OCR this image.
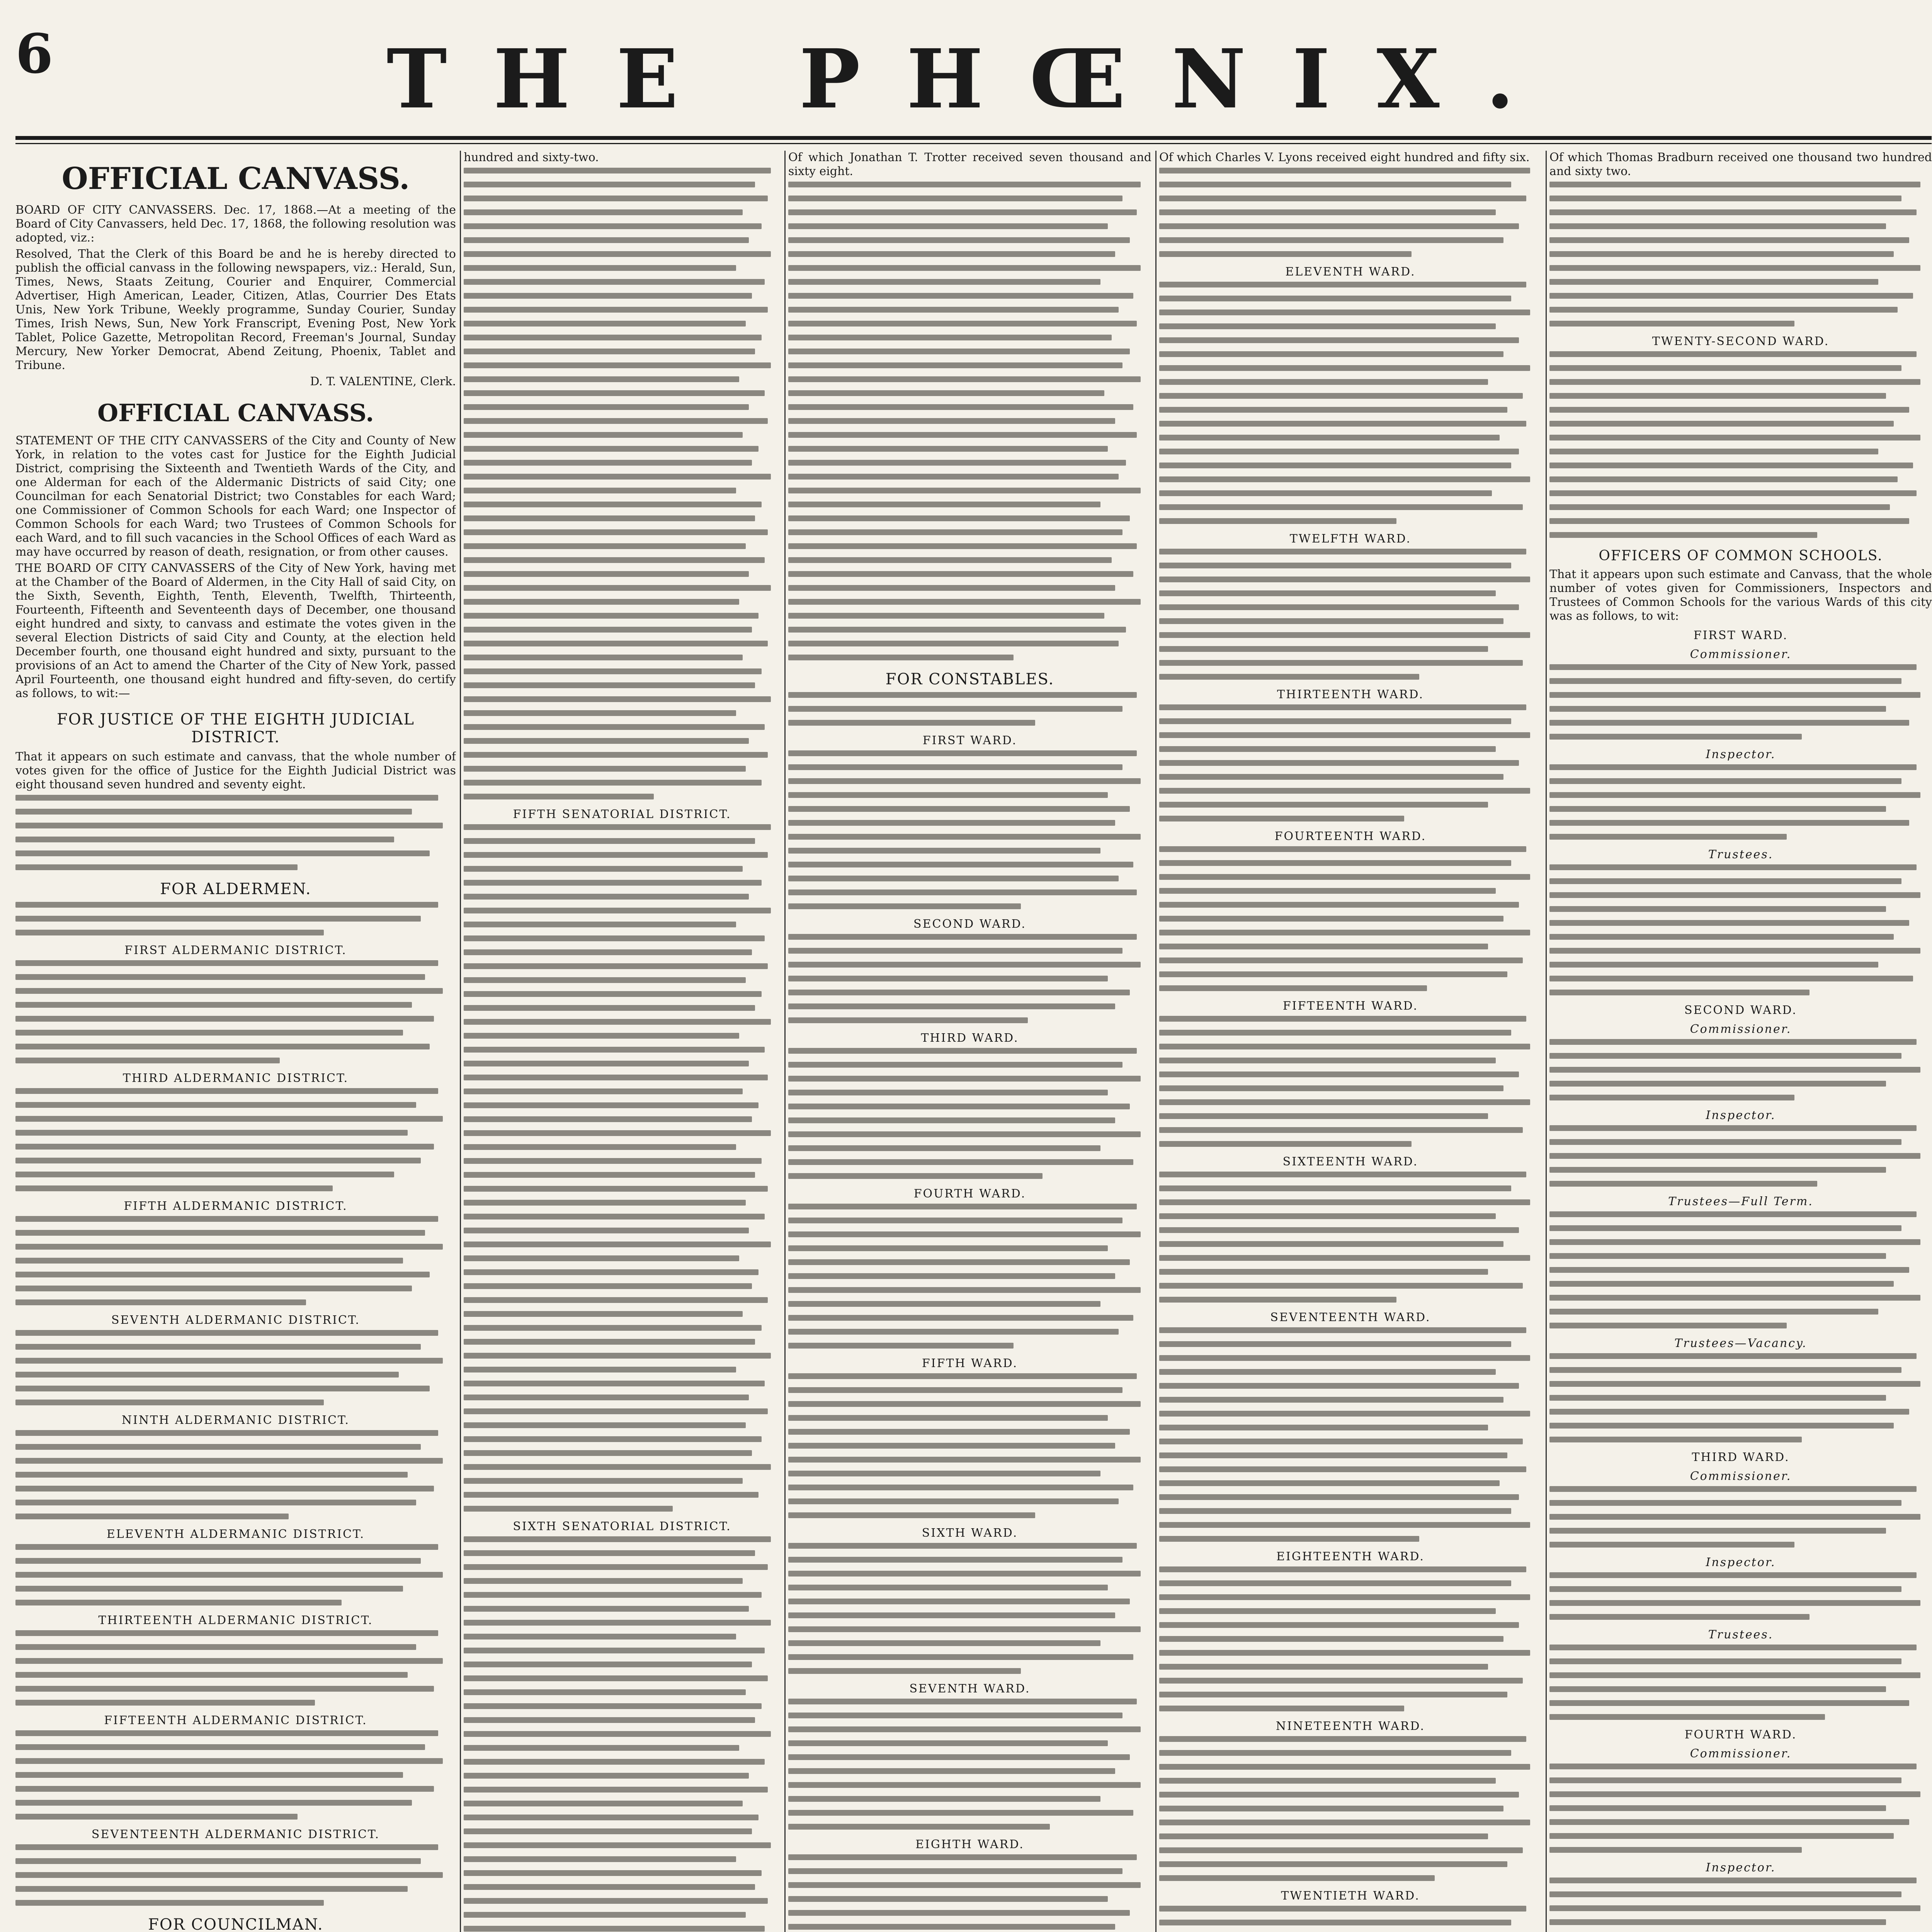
6	THE PHŒNIX.
OFFICIAL CANVASS.

BOARD OF CITY CANVASSERS. Dec. 17, 1868.—At a meeting of the Board of City Canvassers, held Dec. 17, 1868, the following resolution was adopted, viz.:

Resolved, That the Clerk of this Board be and he is hereby directed to publish the official canvass in the following newspapers, viz.: Herald, Sun, Times, News, Staats Zeitung, Courier and Enquirer, Commercial Advertiser, High American, Leader, Citizen, Atlas, Courrier Des Etats Unis, New York Tribune, Weekly programme, Sunday Courier, Sunday Times, Irish News, Sun, New York Franscript, Evening Post, New York Tablet, Police Gazette, Metropolitan Record, Freeman's Journal, Sunday Mercury, New Yorker Democrat, Abend Zeitung, Phoenix, Tablet and Tribune.

D. T. VALENTINE, Clerk.
OFFICIAL CANVASS.

STATEMENT OF THE CITY CANVASSERS of the City and County of New York, in relation to the votes cast for Justice for the Eighth Judicial District, comprising the Sixteenth and Twentieth Wards of the City, and one Alderman for each of the Aldermanic Districts of said City; one Councilman for each Senatorial District; two Constables for each Ward; one Commissioner of Common Schools for each Ward; one Inspector of Common Schools for each Ward; two Trustees of Common Schools for each Ward, and to fill such vacancies in the School Offices of each Ward as may have occurred by reason of death, resignation, or from other causes.

THE BOARD OF CITY CANVASSERS of the City of New York, having met at the Chamber of the Board of Aldermen, in the City Hall of said City, on the Sixth, Seventh, Eighth, Tenth, Eleventh, Twelfth, Thirteenth, Fourteenth, Fifteenth and Seventeenth days of December, one thousand eight hundred and sixty, to canvass and estimate the votes given in the several Election Districts of said City and County, at the election held December fourth, one thousand eight hundred and sixty, pursuant to the provisions of an Act to amend the Charter of the City of New York, passed April Fourteenth, one thousand eight hundred and fifty-seven, do certify as follows, to wit:—

FOR JUSTICE OF THE EIGHTH JUDICIAL DISTRICT.

That it appears on such estimate and canvass, that the whole number of votes given for the office of Justice for the Eighth Judicial District was eight thousand seven hundred and seventy eight.

FOR ALDERMEN.
FIRST ALDERMANIC DISTRICT.
THIRD ALDERMANIC DISTRICT.
FIFTH ALDERMANIC DISTRICT.
SEVENTH ALDERMANIC DISTRICT.
NINTH ALDERMANIC DISTRICT.
ELEVENTH ALDERMANIC DISTRICT.
THIRTEENTH ALDERMANIC DISTRICT.
FIFTEENTH ALDERMANIC DISTRICT.
SEVENTEENTH ALDERMANIC DISTRICT.
FOR COUNCILMAN.

hundred and sixty-two.

FIFTH SENATORIAL DISTRICT.
SIXTH SENATORIAL DISTRICT.

Of which Jonathan T. Trotter received seven thousand and sixty eight.

FOR CONSTABLES.
FIRST WARD.
SECOND WARD.
THIRD WARD.
FOURTH WARD.
FIFTH WARD.
SIXTH WARD.
SEVENTH WARD.
EIGHTH WARD.

Of which Charles V. Lyons received eight hundred and fifty six.

ELEVENTH WARD.
TWELFTH WARD.
THIRTEENTH WARD.
FOURTEENTH WARD.
FIFTEENTH WARD.
SIXTEENTH WARD.
SEVENTEENTH WARD.
EIGHTEENTH WARD.
NINETEENTH WARD.
TWENTIETH WARD.

Of which Thomas Bradburn received one thousand two hundred and sixty two.

TWENTY-SECOND WARD.
OFFICERS OF COMMON SCHOOLS.

That it appears upon such estimate and Canvass, that the whole number of votes given for Commissioners, Inspectors and Trustees of Common Schools for the various Wards of this city was as follows, to wit:

FIRST WARD.
Commissioner.
Inspector.
Trustees.
SECOND WARD.
Commissioner.
Inspector.
Trustees—Full Term.
Trustees—Vacancy.
THIRD WARD.
Commissioner.
Inspector.
Trustees.
FOURTH WARD.
Commissioner.
Inspector.
